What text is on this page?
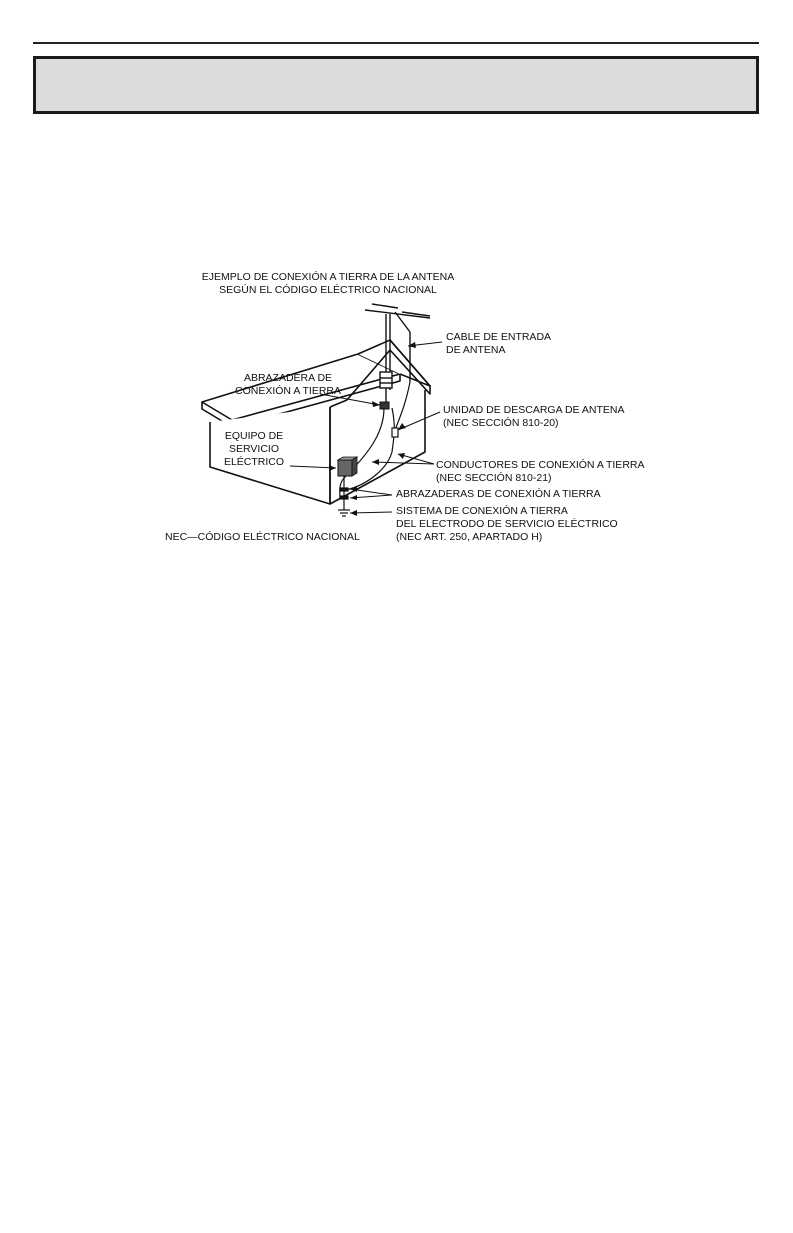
EJEMPLO DE CONEXIÓN A TIERRA DE LA ANTENA
SEGÚN EL CÓDIGO ELÉCTRICO NACIONAL
CABLE DE ENTRADA
DE ANTENA
ABRAZADERA DE
CONEXIÓN A TIERRA
UNIDAD DE DESCARGA DE ANTENA
(NEC SECCIÓN 810-20)
EQUIPO DE
SERVICIO
ELÉCTRICO	CONDUCTORES DE CONEXIÓN A TIERRA
(NEC SECCIÓN 810-21)
ABRAZADERAS DE CONEXIÓN A TIERRA
SISTEMA DE CONEXIÓN A TIERRA
DEL ELECTRODO DE SERVICIO ELÉCTRICO
(NEC ART. 250, APARTADO H)
NEC—CÓDIGO ELÉCTRICO NACIONAL
